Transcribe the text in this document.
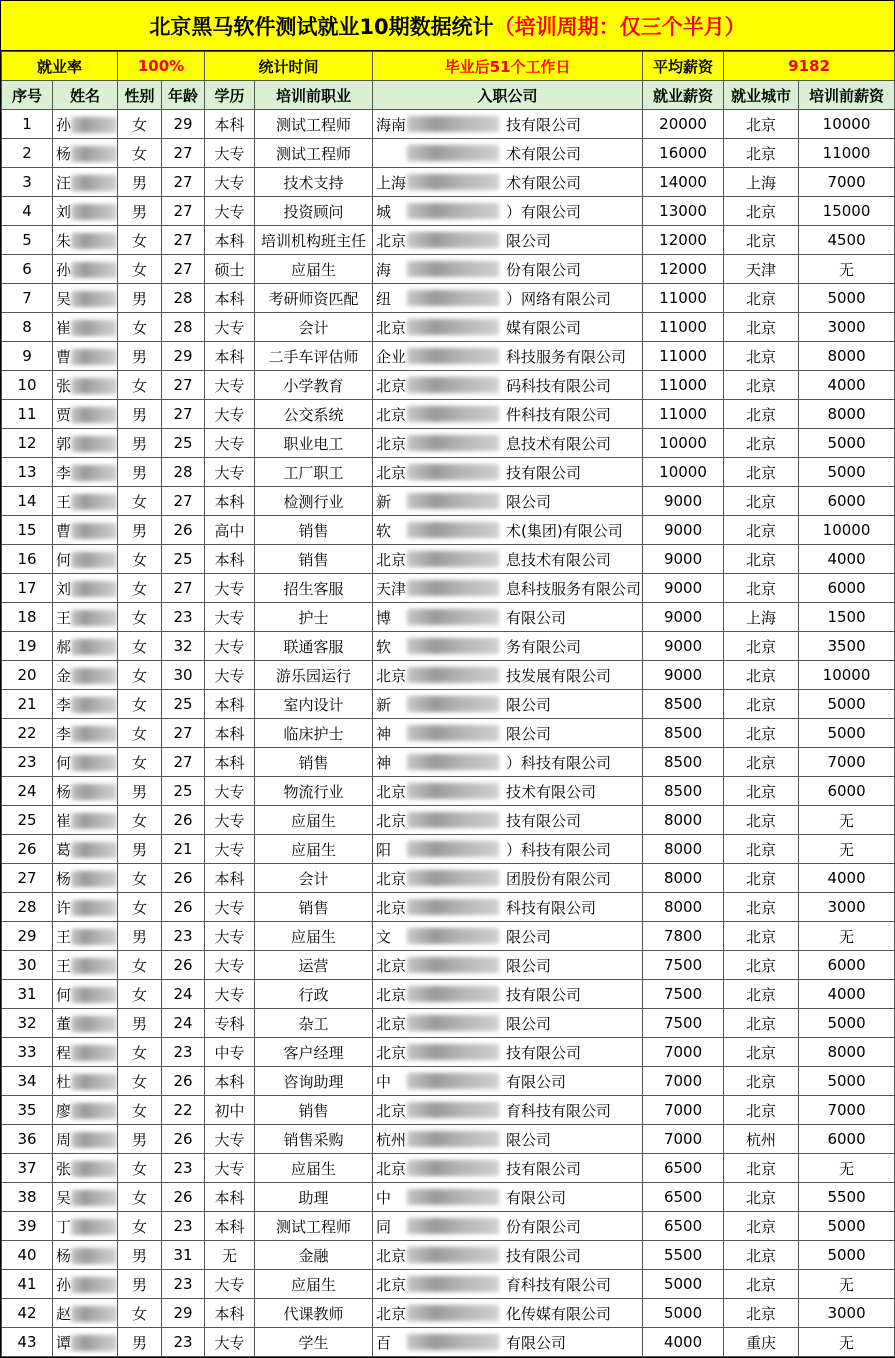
北京黑马软件测试就业10期数据统计 （培训周期：仅三个半月）
就业率		100%		统计时间		毕业后51个工作日	平均薪资	9182	
序号	姓名	性别	年龄	学历	培训前职业	入职公司	就业薪资	就业城市	培训前薪资
1	孙	女	29	本科	测试工程师	海南 技有限公司	20000	北京	10000
2	杨	女	27	大专	测试工程师	术有限公司	16000	北京	11000
3	汪	男	27	大专	技术支持	上海 术有限公司	14000	上海	7000
4	刘	男	27	大专	投资顾问	城 ）有限公司	13000	北京	15000
5	朱	女	27	本科	培训机构班主任	北京 限公司	12000	北京	4500
6	孙	女	27	硕士	应届生	海 份有限公司	12000	天津	无
7	吴	男	28	本科	考研师资匹配	纽 ）网络有限公司	11000	北京	5000
8	崔	女	28	大专	会计	北京 媒有限公司	11000	北京	3000
9	曹	男	29	本科	二手车评估师	企业 科技服务有限公司	11000	北京	8000
10	张	女	27	大专	小学教育	北京 码科技有限公司	11000	北京	4000
11	贾	男	27	大专	公交系统	北京 件科技有限公司	11000	北京	8000
12	郭	男	25	大专	职业电工	北京 息技术有限公司	10000	北京	5000
13	李	男	28	大专	工厂职工	北京 技有限公司	10000	北京	5000
14	王	女	27	本科	检测行业	新 限公司	9000	北京	6000
15	曹	男	26	高中	销售	软 术(集团)有限公司	9000	北京	10000
16	何	女	25	本科	销售	北京 息技术有限公司	9000	北京	4000
17	刘	女	27	大专	招生客服	天津 息科技服务有限公司	9000	北京	6000
18	王	女	23	大专	护士	博 有限公司	9000	上海	1500
19	郝	女	32	大专	联通客服	软 务有限公司	9000	北京	3500
20	金	女	30	大专	游乐园运行	北京 技发展有限公司	9000	北京	10000
21	李	女	25	本科	室内设计	新 限公司	8500	北京	5000
22	李	女	27	本科	临床护士	神 限公司	8500	北京	5000
23	何	女	27	本科	销售	神 ）科技有限公司	8500	北京	7000
24	杨	男	25	大专	物流行业	北京 技术有限公司	8500	北京	6000
25	崔	女	26	大专	应届生	北京 技有限公司	8000	北京	无
26	葛	男	21	大专	应届生	阳 ）科技有限公司	8000	北京	无
27	杨	女	26	本科	会计	北京 团股份有限公司	8000	北京	4000
28	许	女	26	大专	销售	北京 科技有限公司	8000	北京	3000
29	王	男	23	大专	应届生	文 限公司	7800	北京	无
30	王	女	26	大专	运营	北京 限公司	7500	北京	6000
31	何	女	24	大专	行政	北京 技有限公司	7500	北京	4000
32	董	男	24	专科	杂工	北京 限公司	7500	北京	5000
33	程	女	23	中专	客户经理	北京 技有限公司	7000	北京	8000
34	杜	女	26	本科	咨询助理	中 有限公司	7000	北京	5000
35	廖	女	22	初中	销售	北京 育科技有限公司	7000	北京	7000
36	周	男	26	大专	销售采购	杭州 限公司	7000	杭州	6000
37	张	女	23	大专	应届生	北京 技有限公司	6500	北京	无
38	吴	女	26	本科	助理	中 有限公司	6500	北京	5500
39	丁	女	23	本科	测试工程师	同 份有限公司	6500	北京	5000
40	杨	男	31	无	金融	北京 技有限公司	5500	北京	5000
41	孙	男	23	大专	应届生	北京 育科技有限公司	5000	北京	无
42	赵	女	29	本科	代课教师	北京 化传媒有限公司	5000	北京	3000
43	谭	男	23	大专	学生	百 有限公司	4000	重庆	无
